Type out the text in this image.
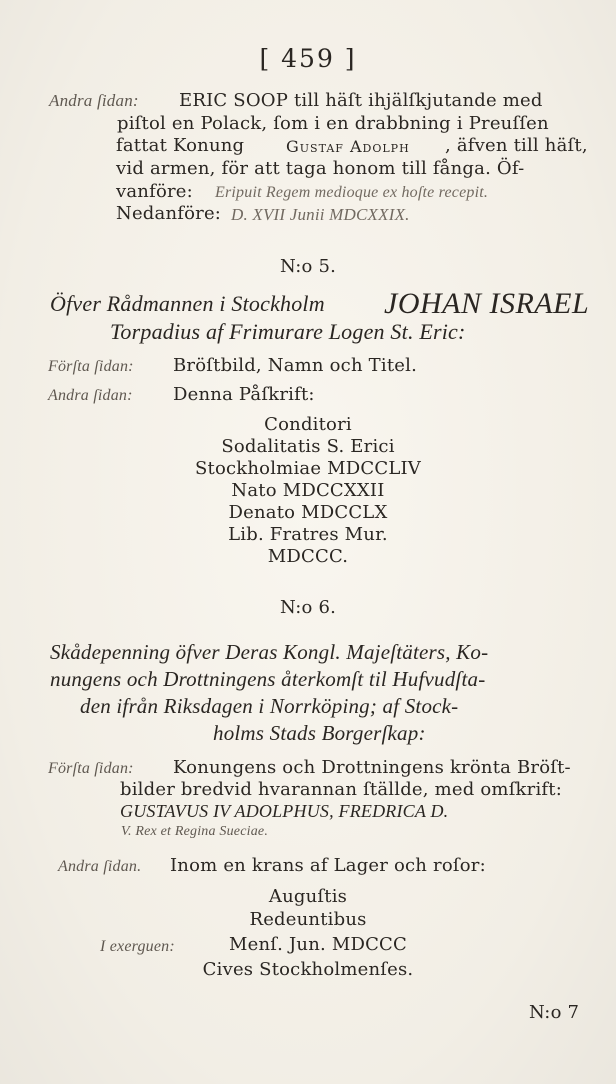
[ 459 ]
Andra ſidan: ERIC SOOP till häſt ihjälſkjutande med
piſtol en Polack, ſom i en drabbning i Preuſſen
fattat Konung	Gustaf Adolph , äfven till häſt,
vid armen, för att taga honom till fånga. Öf-
vanföre: Eripuit Regem medioque ex hoſte recepit.
Nedanföre: D. XVII Junii MDCXXIX.
N:o 5.
Öfver Rådmannen i Stockholm JOHAN ISRAEL
Torpadius af Frimurare Logen St. Eric:
Förſta ſidan: Bröſtbild, Namn och Titel.
Andra ſidan: Denna Påſkrift:
Conditori
Sodalitatis S. Erici
Stockholmiae MDCCLIV
Nato MDCCXXII
Denato MDCCLX
Lib. Fratres Mur.
MDCCC.
N:o 6.
Skådepenning öfver Deras Kongl. Majeſtäters, Ko-
nungens och Drottningens återkomſt til Hufvudſta-
den ifrån Riksdagen i Norrköping; af Stock-
holms Stads Borgerſkap:
Förſta ſidan: Konungens och Drottningens krönta Bröſt-
bilder bredvid hvarannan ſtällde, med omſkrift:
GUSTAVUS IV ADOLPHUS, FREDRICA D.
V. Rex et Regina Sueciae.
Andra ſidan. Inom en krans af Lager och roſor:
Auguſtis
Redeuntibus
I exerguen:	Menſ. Jun. MDCCC
Cives Stockholmenſes.
N:o 7
